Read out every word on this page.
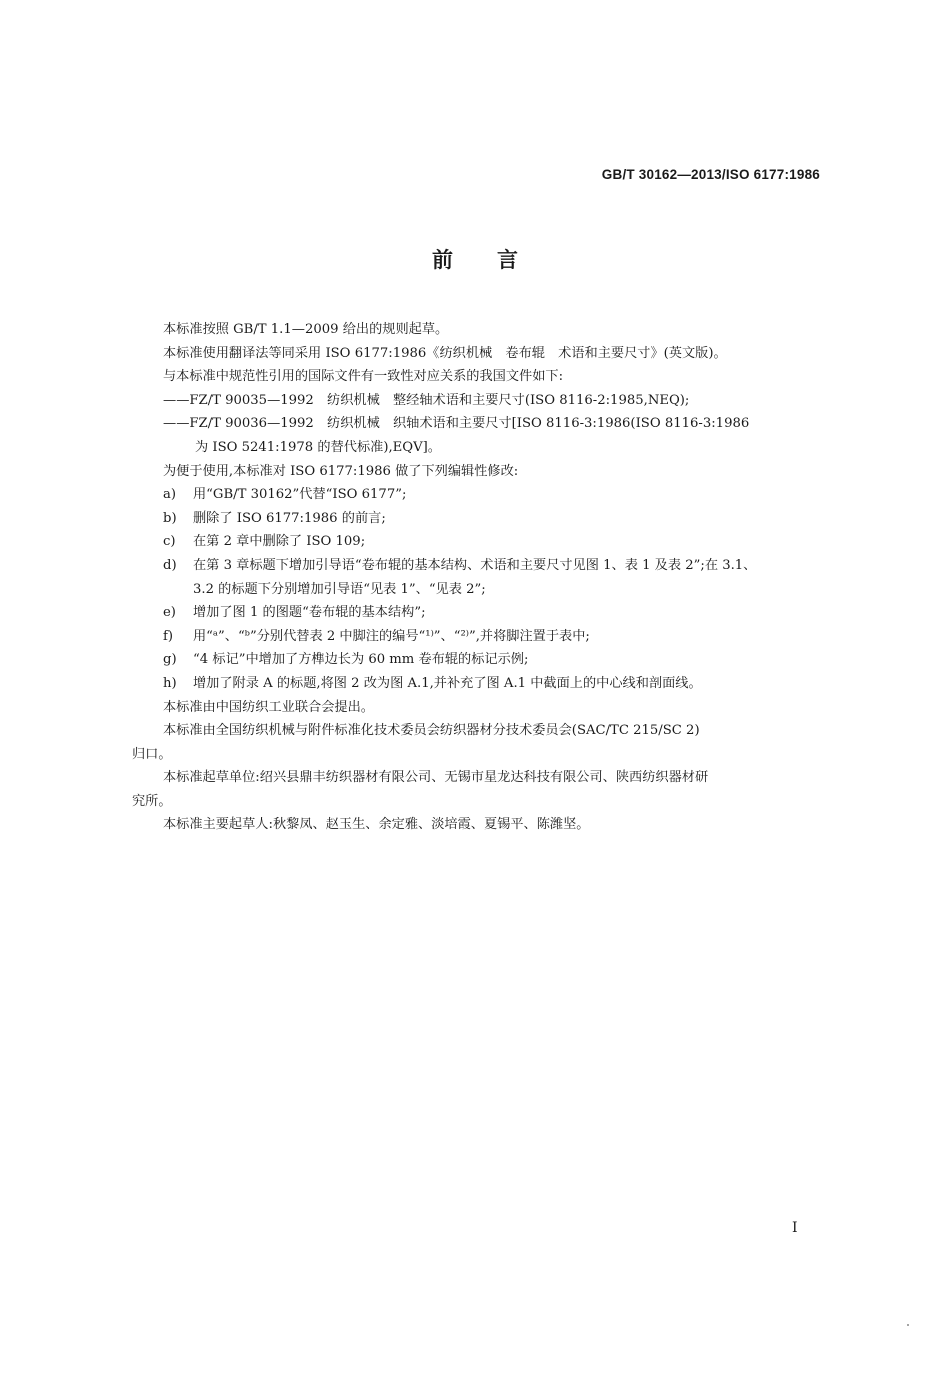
GB/T 30162—2013/ISO 6177:1986
前言
本标准按照 GB/T 1.1—2009 给出的规则起草。
本标准使用翻译法等同采用 ISO 6177:1986《纺织机械　卷布辊　术语和主要尺寸》(英文版)。
与本标准中规范性引用的国际文件有一致性对应关系的我国文件如下:
——FZ/T 90035—1992　纺织机械　整经轴术语和主要尺寸(ISO 8116-2:1985,NEQ);
——FZ/T 90036—1992　纺织机械　织轴术语和主要尺寸[ISO 8116-3:1986(ISO 8116-3:1986
为 ISO 5241:1978 的替代标准),EQV]。
为便于使用,本标准对 ISO 6177:1986 做了下列编辑性修改:
a) 用“GB/T 30162”代替“ISO 6177”;
b) 删除了 ISO 6177:1986 的前言;
c) 在第 2 章中删除了 ISO 109;
d) 在第 3 章标题下增加引导语“卷布辊的基本结构、术语和主要尺寸见图 1、表 1 及表 2”;在 3.1、
3.2 的标题下分别增加引导语“见表 1”、“见表 2”;
e) 增加了图 1 的图题“卷布辊的基本结构”;
f) 用“ᵃ”、“ᵇ”分别代替表 2 中脚注的编号“¹⁾”、“²⁾”,并将脚注置于表中;
g) “4 标记”中增加了方榫边长为 60 mm 卷布辊的标记示例;
h) 增加了附录 A 的标题,将图 2 改为图 A.1,并补充了图 A.1 中截面上的中心线和剖面线。
本标准由中国纺织工业联合会提出。
本标准由全国纺织机械与附件标准化技术委员会纺织器材分技术委员会(SAC/TC 215/SC 2)
归口。
本标准起草单位:绍兴县鼎丰纺织器材有限公司、无锡市星龙达科技有限公司、陕西纺织器材研
究所。
本标准主要起草人:秋黎凤、赵玉生、余定雅、淡培霞、夏锡平、陈潍坚。
I
